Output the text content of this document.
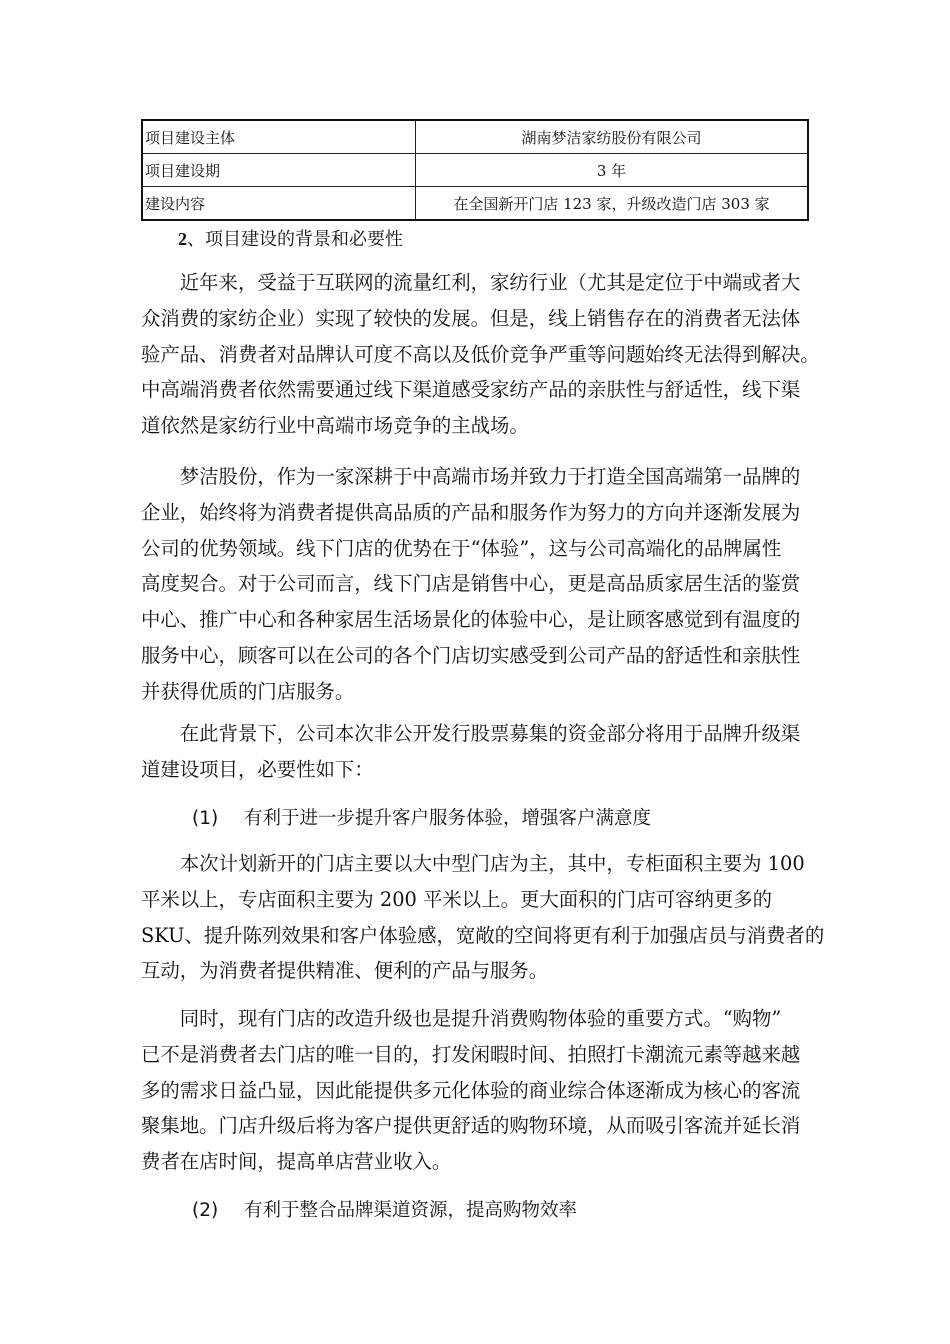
项目建设主体	湖南梦洁家纺股份有限公司
项目建设期	3 年
建设内容	在全国新开门店 123 家，升级改造门店 303 家
2、项目建设的背景和必要性
　　近年来，受益于互联网的流量红利，家纺行业（尤其是定位于中端或者大
众消费的家纺企业）实现了较快的发展。但是，线上销售存在的消费者无法体
验产品、消费者对品牌认可度不高以及低价竞争严重等问题始终无法得到解决。
中高端消费者依然需要通过线下渠道感受家纺产品的亲肤性与舒适性，线下渠
道依然是家纺行业中高端市场竞争的主战场。
　　梦洁股份，作为一家深耕于中高端市场并致力于打造全国高端第一品牌的
企业，始终将为消费者提供高品质的产品和服务作为努力的方向并逐渐发展为
公司的优势领域。线下门店的优势在于“体验”，这与公司高端化的品牌属性
高度契合。对于公司而言，线下门店是销售中心，更是高品质家居生活的鉴赏
中心、推广中心和各种家居生活场景化的体验中心，是让顾客感觉到有温度的
服务中心，顾客可以在公司的各个门店切实感受到公司产品的舒适性和亲肤性
并获得优质的门店服务。
　　在此背景下，公司本次非公开发行股票募集的资金部分将用于品牌升级渠
道建设项目，必要性如下：
(1) 有利于进一步提升客户服务体验，增强客户满意度
　　本次计划新开的门店主要以大中型门店为主，其中，专柜面积主要为 100
平米以上，专店面积主要为 200 平米以上。更大面积的门店可容纳更多的
SKU、提升陈列效果和客户体验感，宽敞的空间将更有利于加强店员与消费者的
互动，为消费者提供精准、便利的产品与服务。
　　同时，现有门店的改造升级也是提升消费购物体验的重要方式。“购物”
已不是消费者去门店的唯一目的，打发闲暇时间、拍照打卡潮流元素等越来越
多的需求日益凸显，因此能提供多元化体验的商业综合体逐渐成为核心的客流
聚集地。门店升级后将为客户提供更舒适的购物环境，从而吸引客流并延长消
费者在店时间，提高单店营业收入。
(2) 有利于整合品牌渠道资源，提高购物效率
